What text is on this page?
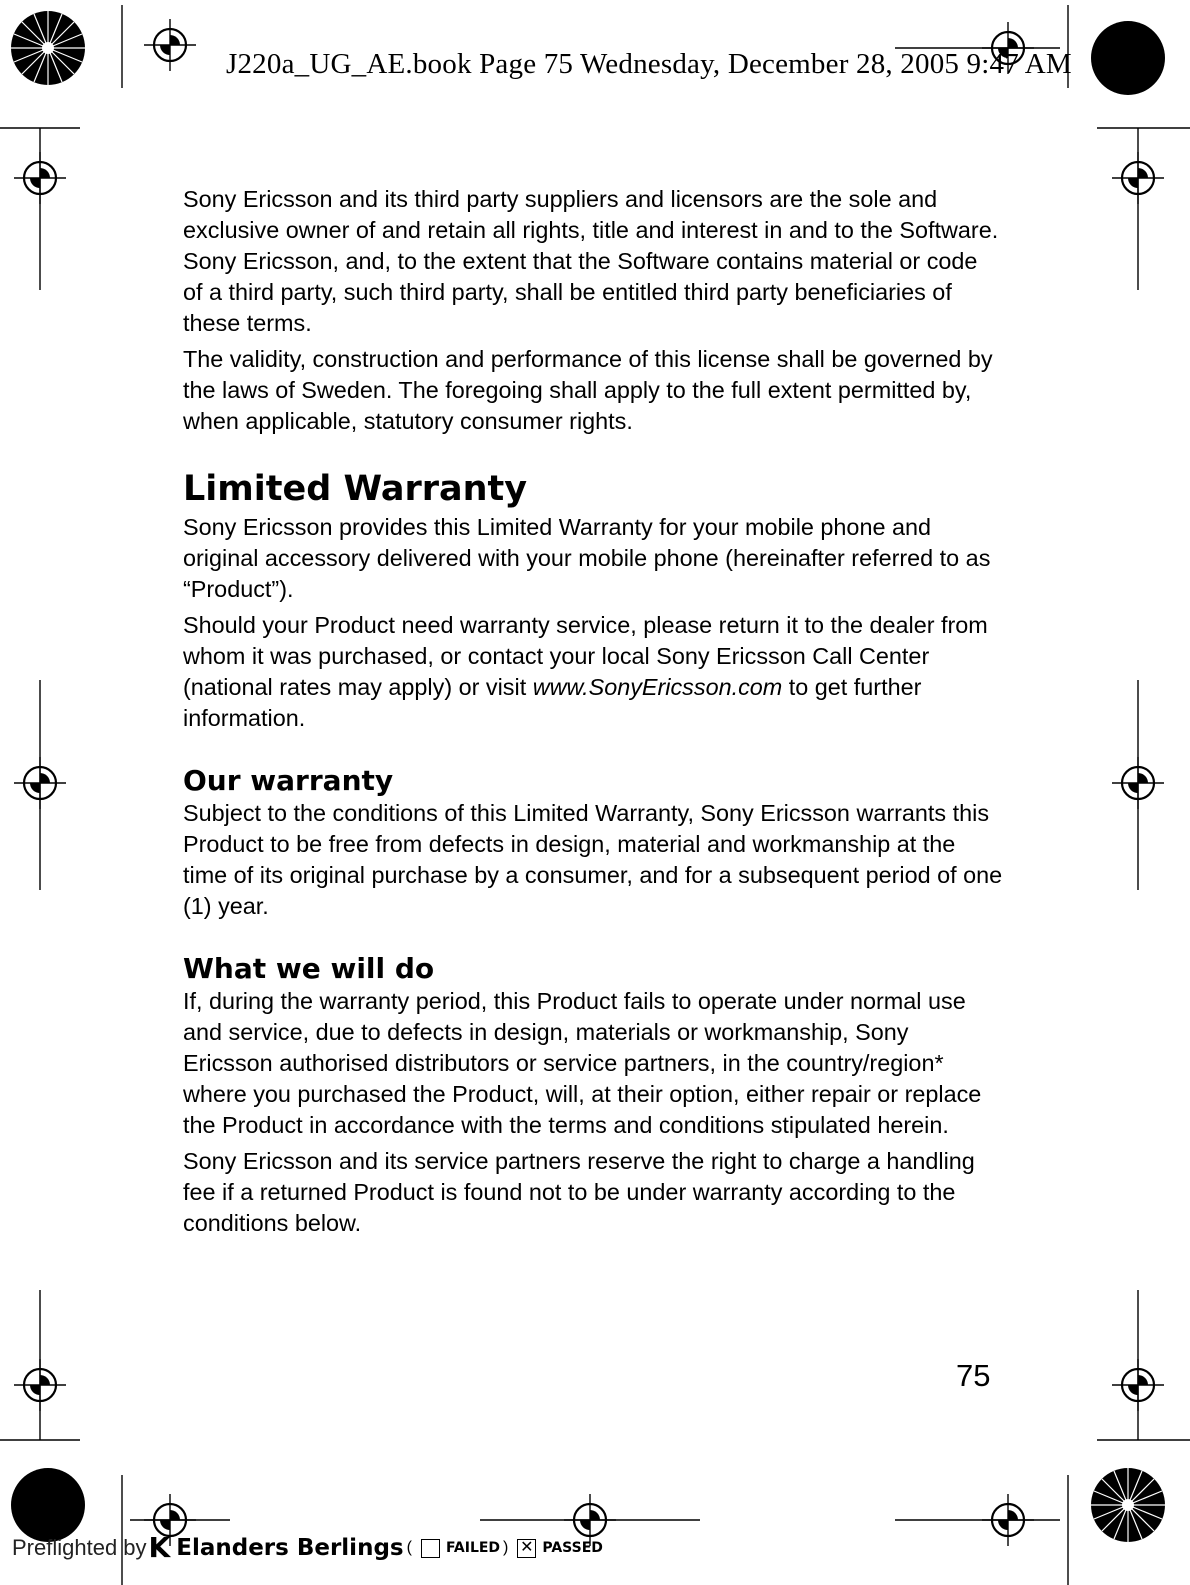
J220a_UG_AE.book Page 75 Wednesday, December 28, 2005 9:47 AM

Sony Ericsson and its third party suppliers and licensors are the sole and exclusive owner of and retain all rights, title and interest in and to the Software. Sony Ericsson, and, to the extent that the Software contains material or code of a third party, such third party, shall be entitled third party beneficiaries of these terms.

The validity, construction and performance of this license shall be governed by the laws of Sweden. The foregoing shall apply to the full extent permitted by, when applicable, statutory consumer rights.

Limited Warranty

Sony Ericsson provides this Limited Warranty for your mobile phone and original accessory delivered with your mobile phone (hereinafter referred to as “Product”).

Should your Product need warranty service, please return it to the dealer from whom it was purchased, or contact your local Sony Ericsson Call Center (national rates may apply) or visit www.SonyEricsson.com to get further information.

Our warranty

Subject to the conditions of this Limited Warranty, Sony Ericsson warrants this Product to be free from defects in design, material and workmanship at the time of its original purchase by a consumer, and for a subsequent period of one (1) year.

What we will do

If, during the warranty period, this Product fails to operate under normal use and service, due to defects in design, materials or workmanship, Sony Ericsson authorised distributors or service partners, in the country/region* where you purchased the Product, will, at their option, either repair or replace the Product in accordance with the terms and conditions stipulated herein.

Sony Ericsson and its service partners reserve the right to charge a handling fee if a returned Product is found not to be under warranty according to the conditions below.

75
Preflighted by K Elanders Berlings ( FAILED ) ✕ PASSED
